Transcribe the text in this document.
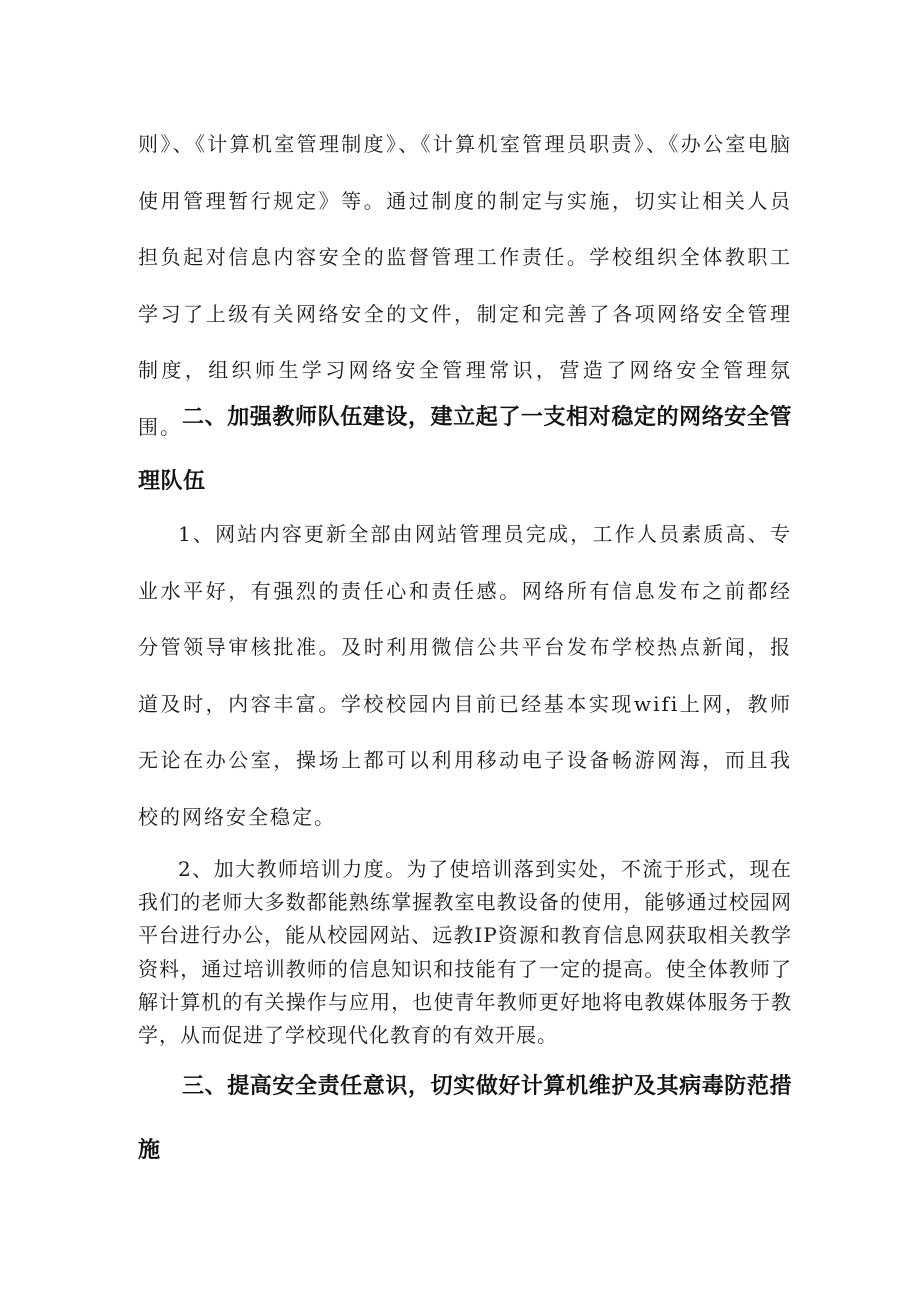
则》、《计算机室管理制度》、《计算机室管理员职责》、《办公室电脑使用管理暂行规定》等。通过制度的制定与实施，切实让相关人员担负起对信息内容安全的监督管理工作责任。学校组织全体教职工学习了上级有关网络安全的文件，制定和完善了各项网络安全管理制度，组织师生学习网络安全管理常识，营造了网络安全管理氛围。 二、加强教师队伍建设，建立起了一支相对稳定的网络安全管理队伍

1、网站内容更新全部由网站管理员完成，工作人员素质高、专业水平好，有强烈的责任心和责任感。网络所有信息发布之前都经分管领导审核批准。及时利用微信公共平台发布学校热点新闻，报道及时，内容丰富。学校校园内目前已经基本实现wifi上网，教师无论在办公室，操场上都可以利用移动电子设备畅游网海，而且我校的网络安全稳定。

2、加大教师培训力度。为了使培训落到实处，不流于形式，现在我们的老师大多数都能熟练掌握教室电教设备的使用，能够通过校园网平台进行办公，能从校园网站、远教IP资源和教育信息网获取相关教学资料，通过培训教师的信息知识和技能有了一定的提高。使全体教师了解计算机的有关操作与应用，也使青年教师更好地将电教媒体服务于教学，从而促进了学校现代化教育的有效开展。

三、提高安全责任意识，切实做好计算机维护及其病毒防范措施
